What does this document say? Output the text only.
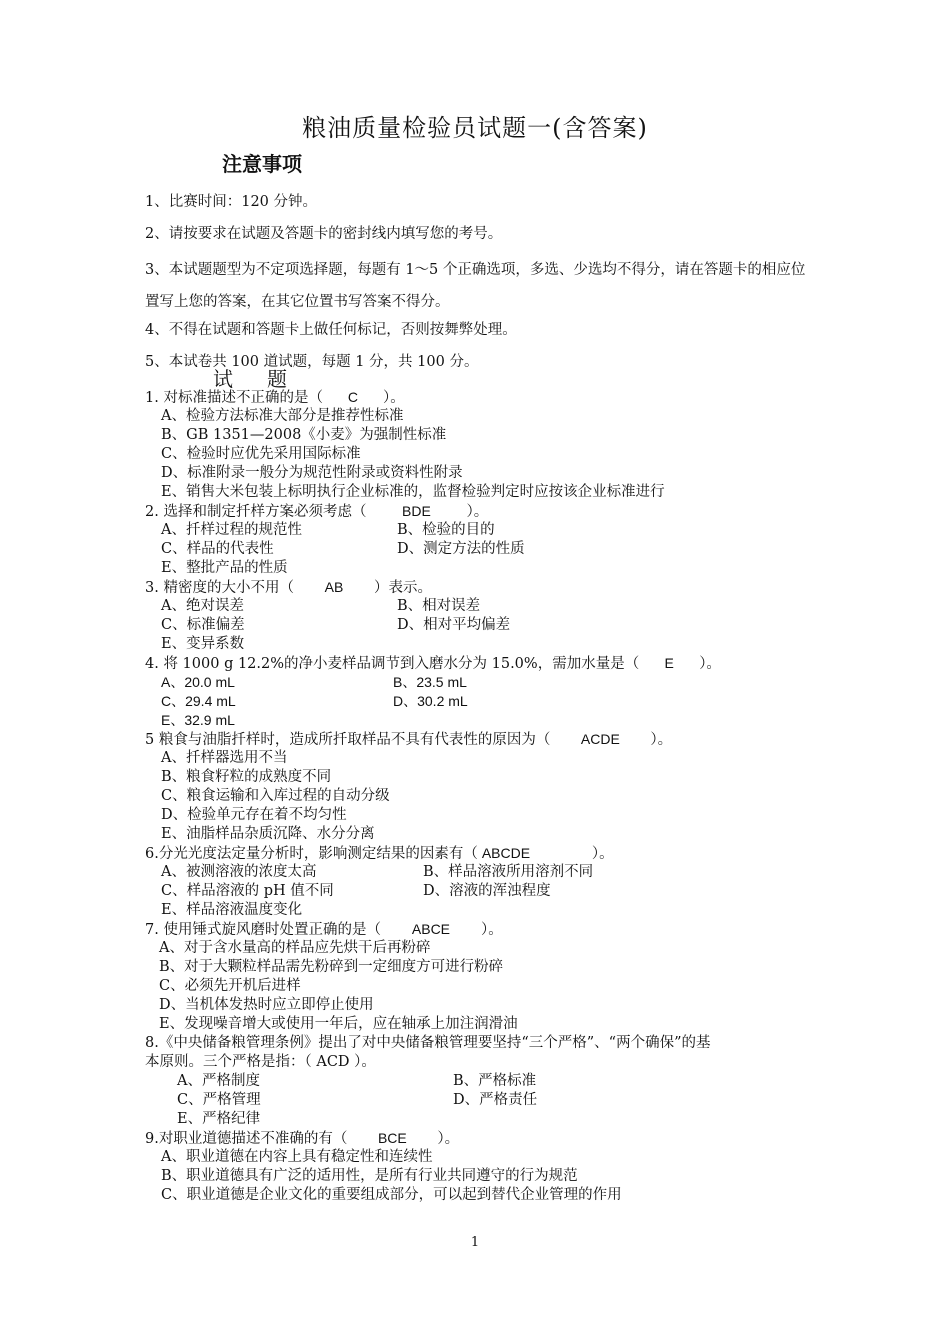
粮油质量检验员试题一(含答案)
注意事项
1、比赛时间：120 分钟。
2、请按要求在试题及答题卡的密封线内填写您的考号。
3、本试题题型为不定项选择题，每题有 1～5 个正确选项，多选、少选均不得分，请在答题卡的相应位置写上您的答案，在其它位置书写答案不得分。
4、不得在试题和答题卡上做任何标记，否则按舞弊处理。
5、本试卷共 100 道试题，每题 1 分，共 100 分。
试题
1. 对标准描述不正确的是（ C ）。
A、检验方法标准大部分是推荐性标准
B、GB 1351—2008《小麦》为强制性标准
C、检验时应优先采用国际标准
D、标准附录一般分为规范性附录或资料性附录
E、销售大米包装上标明执行企业标准的，监督检验判定时应按该企业标准进行
2. 选择和制定扦样方案必须考虑（	BDE ）。
A、扦样过程的规范性	B、检验的目的
C、样品的代表性	D、测定方法的性质
E、整批产品的性质
3. 精密度的大小不用（ AB ）表示。
A、绝对误差	B、相对误差
C、标准偏差	D、相对平均偏差
E、变异系数
4. 将 1000 g 12.2%的净小麦样品调节到入磨水分为 15.0%，需加水量是（ E ）。
A、20.0 mL	B、23.5 mL
C、29.4 mL	D、30.2 mL
E、32.9 mL
5 粮食与油脂扦样时，造成所扦取样品不具有代表性的原因为（ ACDE ）。
A、扦样器选用不当
B、粮食籽粒的成熟度不同
C、粮食运输和入库过程的自动分级
D、检验单元存在着不均匀性
E、油脂样品杂质沉降、水分分离
6.分光光度法定量分析时，影响测定结果的因素有（ ABCDE	）。
A、被测溶液的浓度太高	B、样品溶液所用溶剂不同
C、样品溶液的 pH 值不同	D、溶液的浑浊程度
E、样品溶液温度变化
7. 使用锤式旋风磨时处置正确的是（ ABCE ）。
A、对于含水量高的样品应先烘干后再粉碎
B、对于大颗粒样品需先粉碎到一定细度方可进行粉碎
C、必须先开机后进样
D、当机体发热时应立即停止使用
E、发现噪音增大或使用一年后，应在轴承上加注润滑油
8.《中央储备粮管理条例》提出了对中央储备粮管理要坚持“三个严格”、“两个确保”的基
本原则。三个严格是指：（ ACD ）。
A、严格制度	B、严格标准
C、严格管理	D、严格责任
E、严格纪律
9.对职业道德描述不准确的有（ BCE ）。
A、职业道德在内容上具有稳定性和连续性
B、职业道德具有广泛的适用性，是所有行业共同遵守的行为规范
C、职业道德是企业文化的重要组成部分，可以起到替代企业管理的作用
1
